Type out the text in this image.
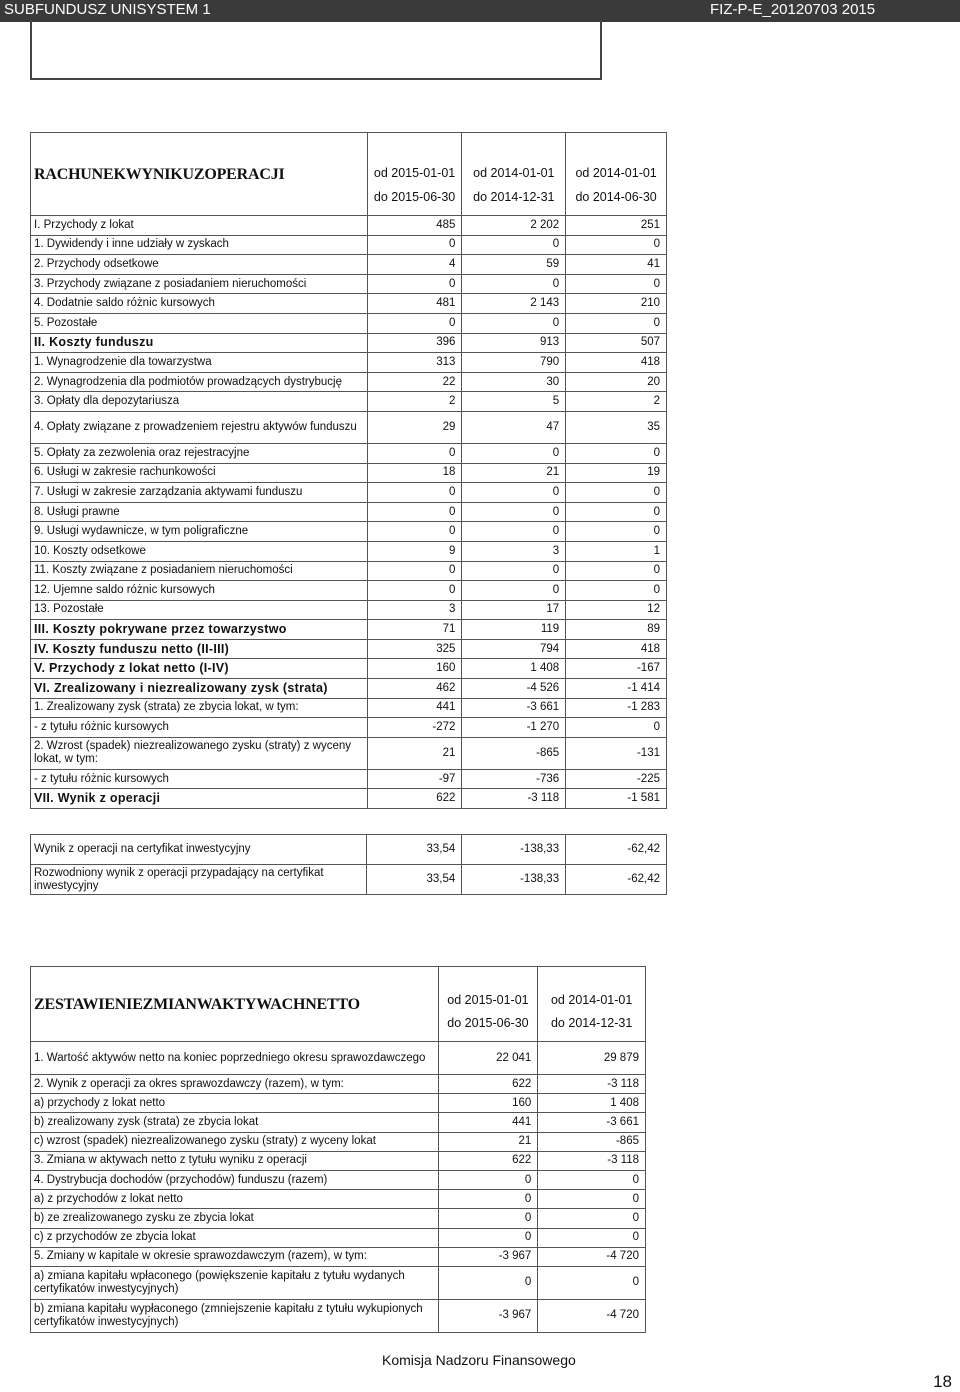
SUBFUNDUSZ UNISYSTEM 1	FIZ-P-E_20120703 2015
RACHUNEKWYNIKUZOPERACJI	od 2015-01-01	od 2014-01-01	od 2014-01-01
	do 2015-06-30	do 2014-12-31	do 2014-06-30
I. Przychody z lokat	485	2 202	251
1. Dywidendy i inne udziały w zyskach	0	0	0
2. Przychody odsetkowe	4	59	41
3. Przychody związane z posiadaniem nieruchomości	0	0	0
4. Dodatnie saldo różnic kursowych	481	2 143	210
5. Pozostałe	0	0	0
II. Koszty funduszu	396	913	507
1. Wynagrodzenie dla towarzystwa	313	790	418
2. Wynagrodzenia dla podmiotów prowadzących dystrybucję	22	30	20
3. Opłaty dla depozytariusza	2	5	2
4. Opłaty związane z prowadzeniem rejestru aktywów funduszu	29	47	35
5. Opłaty za zezwolenia oraz rejestracyjne	0	0	0
6. Usługi w zakresie rachunkowości	18	21	19
7. Usługi w zakresie zarządzania aktywami funduszu	0	0	0
8. Usługi prawne	0	0	0
9. Usługi wydawnicze, w tym poligraficzne	0	0	0
10. Koszty odsetkowe	9	3	1
11. Koszty związane z posiadaniem nieruchomości	0	0	0
12. Ujemne saldo różnic kursowych	0	0	0
13. Pozostałe	3	17	12
III. Koszty pokrywane przez towarzystwo	71	119	89
IV. Koszty funduszu netto (II-III)	325	794	418
V. Przychody z lokat netto (I-IV)	160	1 408	-167
VI. Zrealizowany i niezrealizowany zysk (strata)	462	-4 526	-1 414
1. Zrealizowany zysk (strata) ze zbycia lokat, w tym:	441	-3 661	-1 283
- z tytułu różnic kursowych	-272	-1 270	0
2. Wzrost (spadek) niezrealizowanego zysku (straty) z wyceny lokat, w tym:	21	-865	-131
- z tytułu różnic kursowych	-97	-736	-225
VII. Wynik z operacji	622	-3 118	-1 581
Wynik z operacji na certyfikat inwestycyjny	33,54	-138,33	-62,42
Rozwodniony wynik z operacji przypadający na certyfikat inwestycyjny	33,54	-138,33	-62,42
ZESTAWIENIEZMIANWAKTYWACHNETTO	od 2015-01-01	od 2014-01-01
	do 2015-06-30	do 2014-12-31
1. Wartość aktywów netto na koniec poprzedniego okresu sprawozdawczego	22 041	29 879
2. Wynik z operacji za okres sprawozdawczy (razem), w tym:	622	-3 118
a) przychody z lokat netto	160	1 408
b) zrealizowany zysk (strata) ze zbycia lokat	441	-3 661
c) wzrost (spadek) niezrealizowanego zysku (straty) z wyceny lokat	21	-865
3. Zmiana w aktywach netto z tytułu wyniku z operacji	622	-3 118
4. Dystrybucja dochodów (przychodów) funduszu (razem)	0	0
a) z przychodów z lokat netto	0	0
b) ze zrealizowanego zysku ze zbycia lokat	0	0
c) z przychodów ze zbycia lokat	0	0
5. Zmiany w kapitale w okresie sprawozdawczym (razem), w tym:	-3 967	-4 720
a) zmiana kapitału wpłaconego (powiększenie kapitału z tytułu wydanych certyfikatów inwestycyjnych)	0	0
b) zmiana kapitału wypłaconego (zmniejszenie kapitału z tytułu wykupionych certyfikatów inwestycyjnych)	-3 967	-4 720
Komisja Nadzoru Finansowego
18
